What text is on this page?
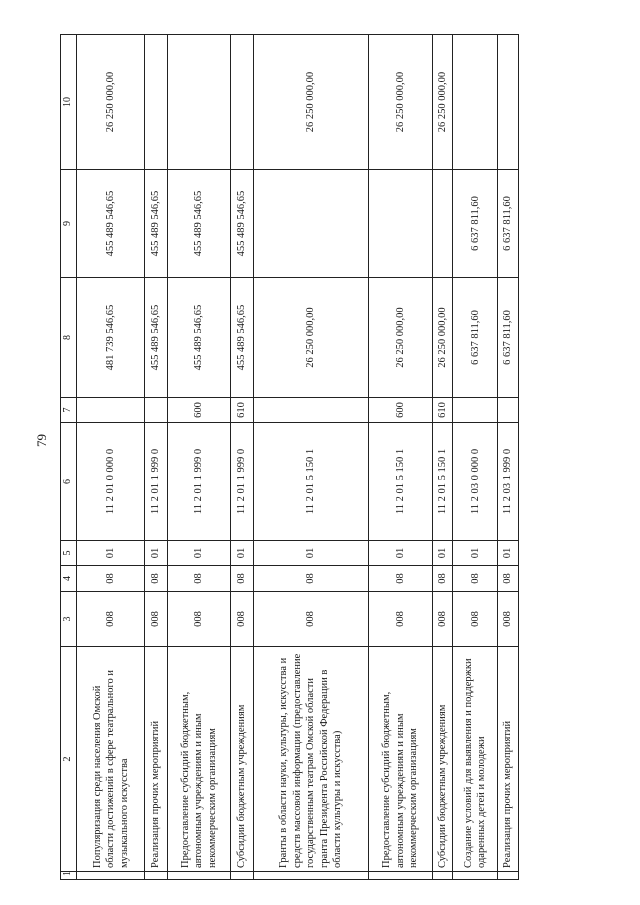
79
1	2	3	4	5	6	7	8	9	10
	Популяризация среди населения Омской области достижений в сфере театрального и музыкального искусства	008	08	01	11 2 01 0 000 0		481 739 546,65	455 489 546,65	26 250 000,00
	Реализация прочих мероприятий	008	08	01	11 2 01 1 999 0		455 489 546,65	455 489 546,65	
	Предоставление субсидий бюджетным, автономным учреждениям и иным некоммерческим организациям	008	08	01	11 2 01 1 999 0	600	455 489 546,65	455 489 546,65	
	Субсидии бюджетным учреждениям	008	08	01	11 2 01 1 999 0	610	455 489 546,65	455 489 546,65	
	Гранты в области науки, культуры, искусства и средств массовой информации (предоставление государственным театрам Омской области гранта Президента Российской Федерации в области культуры и искусства)	008	08	01	11 2 01 5 150 1		26 250 000,00		26 250 000,00
	Предоставление субсидий бюджетным, автономным учреждениям и иным некоммерческим организациям	008	08	01	11 2 01 5 150 1	600	26 250 000,00		26 250 000,00
	Субсидии бюджетным учреждениям	008	08	01	11 2 01 5 150 1	610	26 250 000,00		26 250 000,00
	Создание условий для выявления и поддержки одаренных детей и молодежи	008	08	01	11 2 03 0 000 0		6 637 811,60	6 637 811,60	
	Реализация прочих мероприятий	008	08	01	11 2 03 1 999 0		6 637 811,60	6 637 811,60	
